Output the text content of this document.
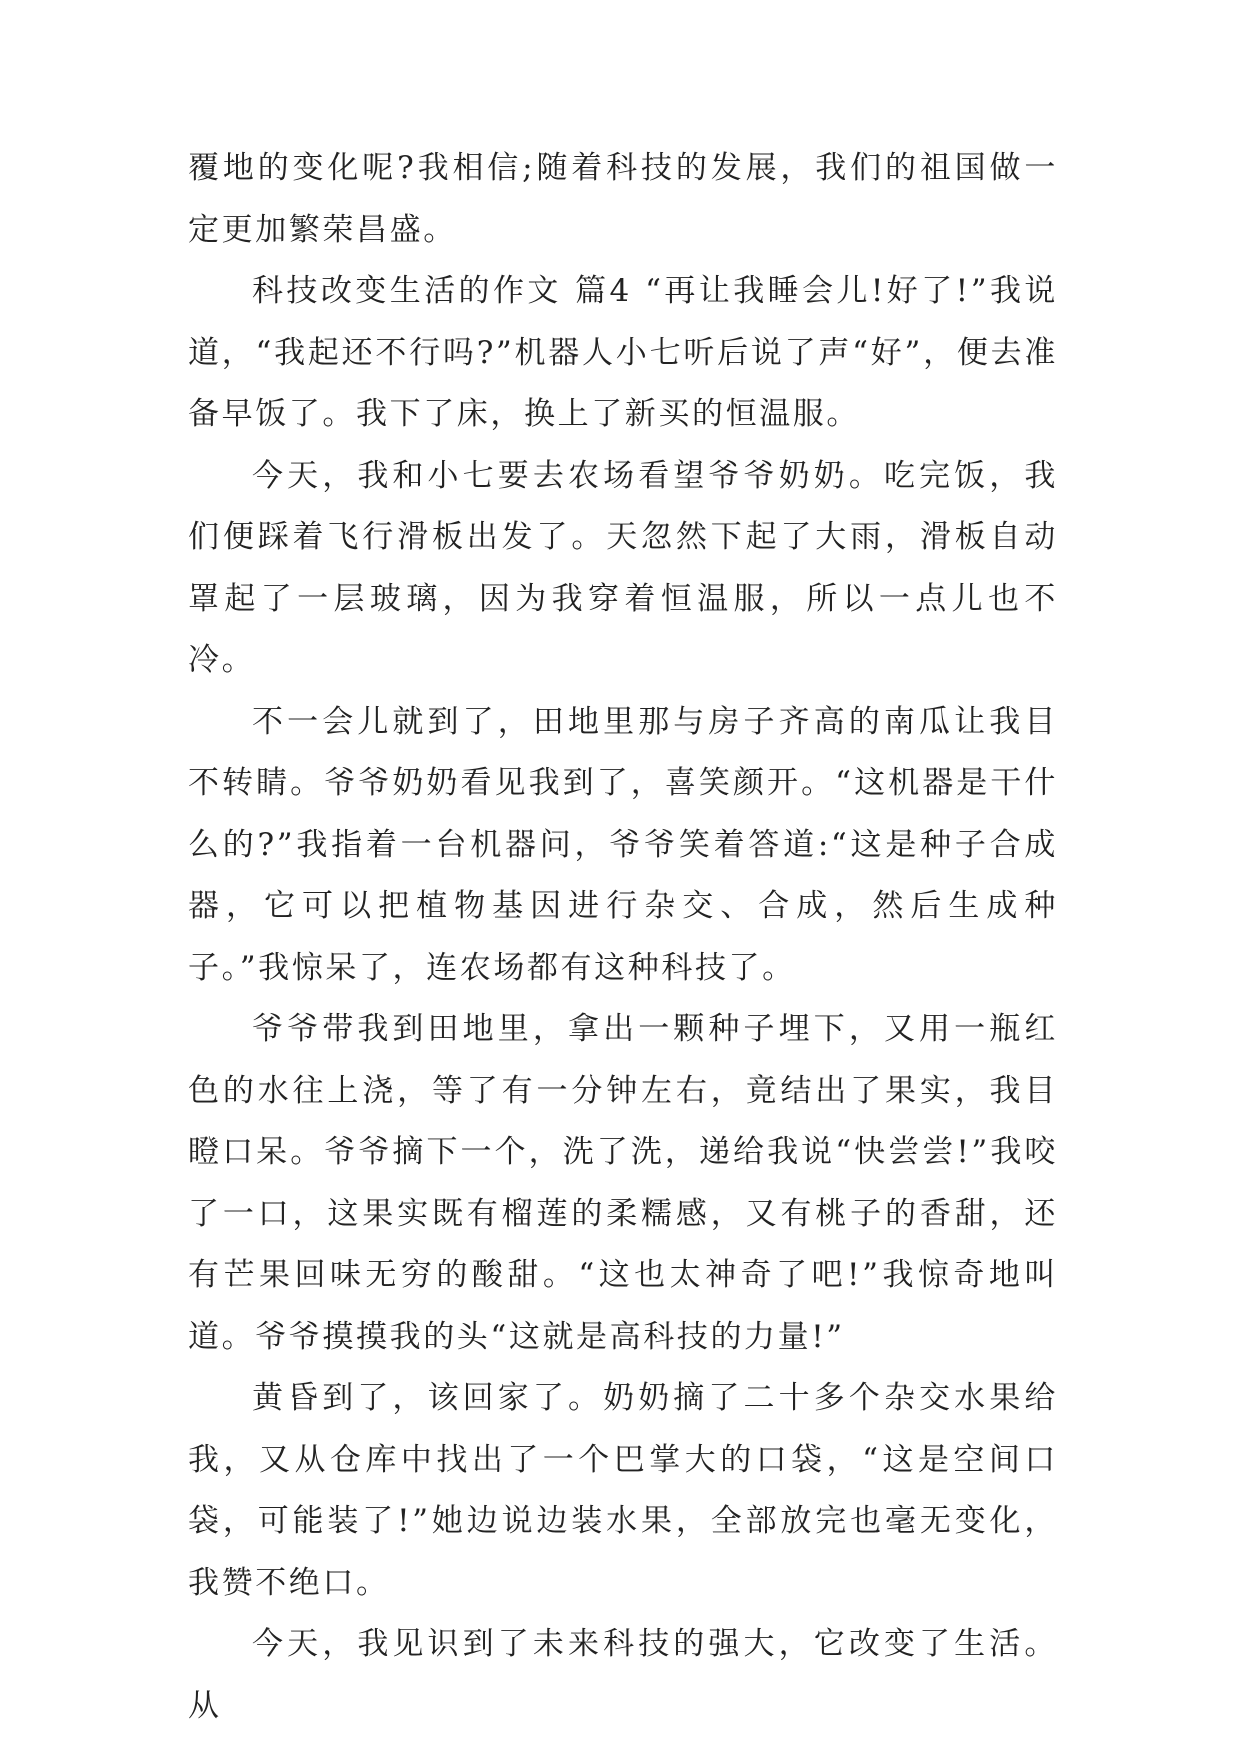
覆地的变化呢?我相信;随着科技的发展，我们的祖国做一定更加繁荣昌盛。

科技改变生活的作文 篇4 “再让我睡会儿!好了!”我说道，“我起还不行吗?”机器人小七听后说了声“好”，便去准备早饭了。我下了床，换上了新买的恒温服。

今天，我和小七要去农场看望爷爷奶奶。吃完饭，我们便踩着飞行滑板出发了。天忽然下起了大雨，滑板自动罩起了一层玻璃，因为我穿着恒温服，所以一点儿也不冷。

不一会儿就到了，田地里那与房子齐高的南瓜让我目不转睛。爷爷奶奶看见我到了，喜笑颜开。“这机器是干什么的?”我指着一台机器问，爷爷笑着答道:“这是种子合成器，它可以把植物基因进行杂交、合成，然后生成种子。”我惊呆了，连农场都有这种科技了。

爷爷带我到田地里，拿出一颗种子埋下，又用一瓶红色的水往上浇，等了有一分钟左右，竟结出了果实，我目瞪口呆。爷爷摘下一个，洗了洗，递给我说“快尝尝!”我咬了一口，这果实既有榴莲的柔糯感，又有桃子的香甜，还有芒果回味无穷的酸甜。“这也太神奇了吧!”我惊奇地叫道。爷爷摸摸我的头“这就是高科技的力量!”

黄昏到了，该回家了。奶奶摘了二十多个杂交水果给我，又从仓库中找出了一个巴掌大的口袋，“这是空间口袋，可能装了!”她边说边装水果，全部放完也毫无变化，我赞不绝口。

今天，我见识到了未来科技的强大，它改变了生活。从
